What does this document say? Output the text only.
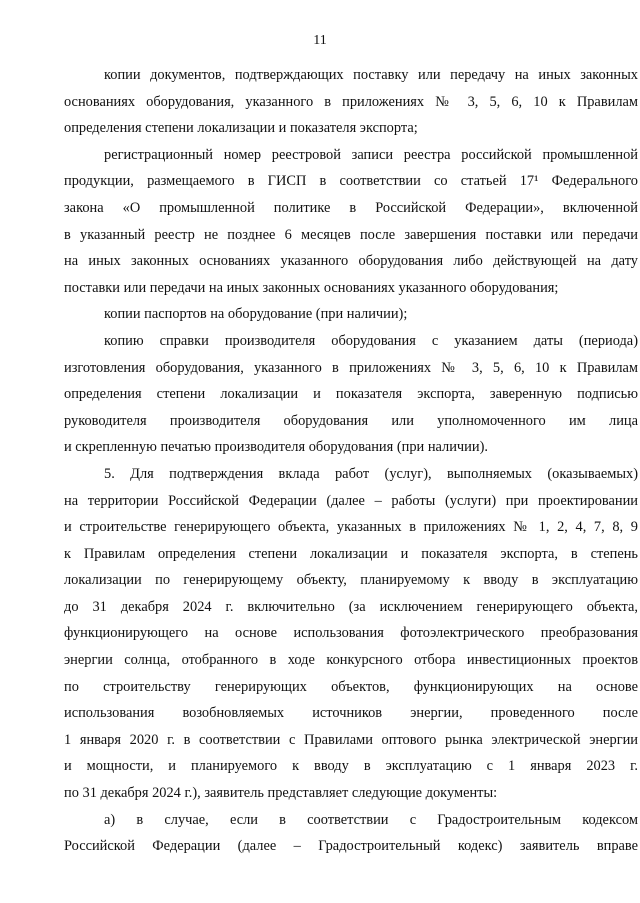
11
копии документов, подтверждающих поставку или передачу на иных законных
основаниях оборудования, указанного в приложениях № 3, 5, 6, 10 к Правилам
определения степени локализации и показателя экспорта;
регистрационный номер реестровой записи реестра российской промышленной
продукции, размещаемого в ГИСП в соответствии со статьей 17¹ Федерального
закона «О промышленной политике в Российской Федерации», включенной
в указанный реестр не позднее 6 месяцев после завершения поставки или передачи
на иных законных основаниях указанного оборудования либо действующей на дату
поставки или передачи на иных законных основаниях указанного оборудования;
копии паспортов на оборудование (при наличии);
копию справки производителя оборудования с указанием даты (периода)
изготовления оборудования, указанного в приложениях № 3, 5, 6, 10 к Правилам
определения степени локализации и показателя экспорта, заверенную подписью
руководителя производителя оборудования или уполномоченного им лица
и скрепленную печатью производителя оборудования (при наличии).
5. Для подтверждения вклада работ (услуг), выполняемых (оказываемых)
на территории Российской Федерации (далее – работы (услуги) при проектировании
и строительстве генерирующего объекта, указанных в приложениях № 1, 2, 4, 7, 8, 9
к Правилам определения степени локализации и показателя экспорта, в степень
локализации по генерирующему объекту, планируемому к вводу в эксплуатацию
до 31 декабря 2024 г. включительно (за исключением генерирующего объекта,
функционирующего на основе использования фотоэлектрического преобразования
энергии солнца, отобранного в ходе конкурсного отбора инвестиционных проектов
по строительству генерирующих объектов, функционирующих на основе
использования возобновляемых источников энергии, проведенного после
1 января 2020 г. в соответствии с Правилами оптового рынка электрической энергии
и мощности, и планируемого к вводу в эксплуатацию с 1 января 2023 г.
по 31 декабря 2024 г.), заявитель представляет следующие документы:
а) в случае, если в соответствии с Градостроительным кодексом
Российской Федерации (далее – Градостроительный кодекс) заявитель вправе
